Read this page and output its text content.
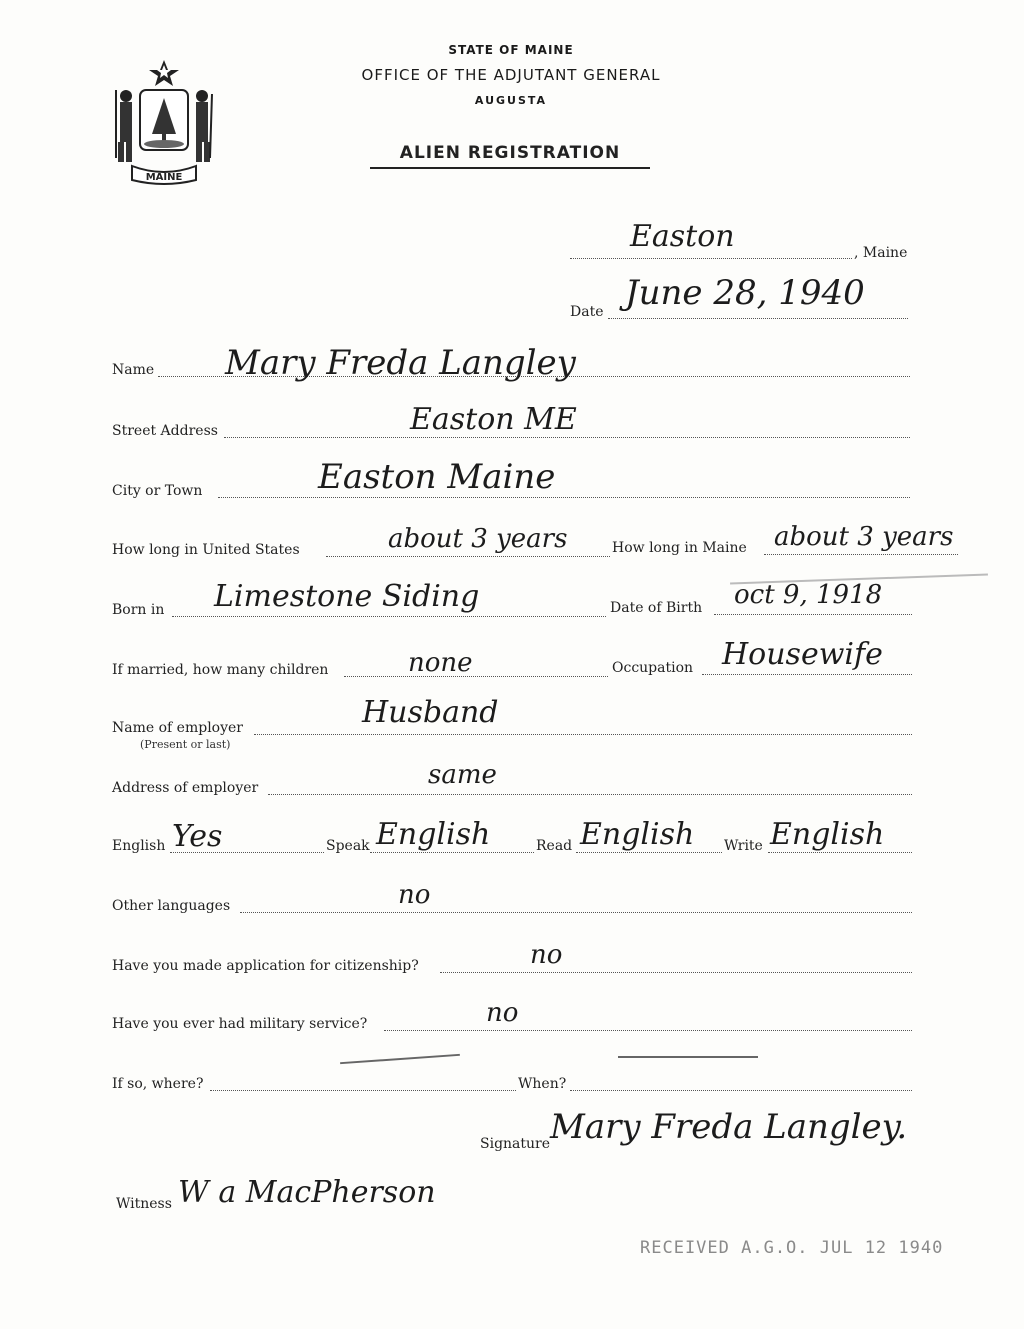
MAINE
STATE OF MAINE
OFFICE OF THE ADJUTANT GENERAL
AUGUSTA
ALIEN REGISTRATION
Easton	, Maine
Date June 28, 1940
Name Mary Freda Langley
Street Address	Easton ME
City or Town	Easton Maine
How long in United States	about 3 years	How long in Maine about 3 years
Born in Limestone Siding	Date of Birth oct 9, 1918
If married, how many children	none	Occupation Housewife
Name of employer
(Present or last)
Husband
Address of employer	same
English Yes	Speak English	Read English Write English
Other languages	no
Have you made application for citizenship?	no
Have you ever had military service?	no
If so, where?	When?
Signature Mary Freda Langley.
Witness W a MacPherson
RECEIVED A.G.O. JUL 12 1940
